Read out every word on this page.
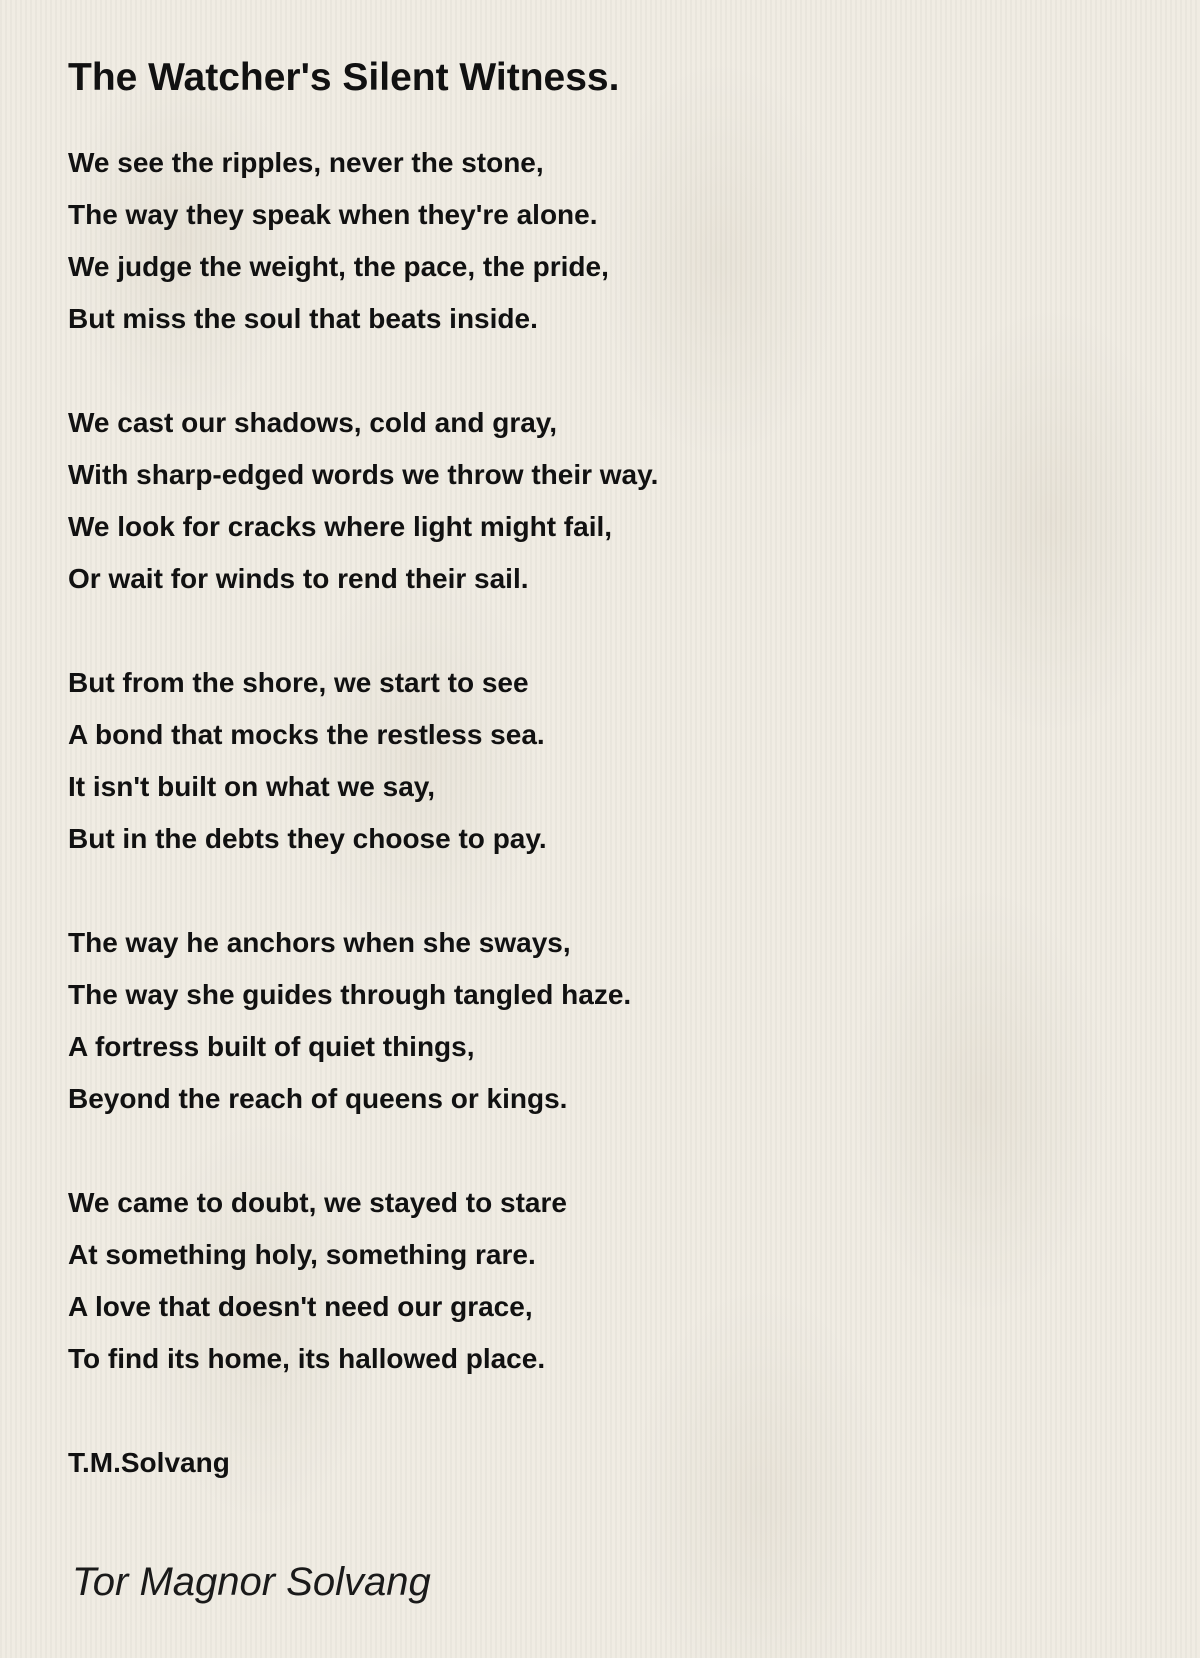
The Watcher's Silent Witness.
We see the ripples, never the stone,
The way they speak when they're alone.
We judge the weight, the pace, the pride,
But miss the soul that beats inside.
We cast our shadows, cold and gray,
With sharp-edged words we throw their way.
We look for cracks where light might fail,
Or wait for winds to rend their sail.
But from the shore, we start to see
A bond that mocks the restless sea.
It isn't built on what we say,
But in the debts they choose to pay.
The way he anchors when she sways,
The way she guides through tangled haze.
A fortress built of quiet things,
Beyond the reach of queens or kings.
We came to doubt, we stayed to stare
At something holy, something rare.
A love that doesn't need our grace,
To find its home, its hallowed place.
T.M.Solvang
Tor Magnor Solvang
